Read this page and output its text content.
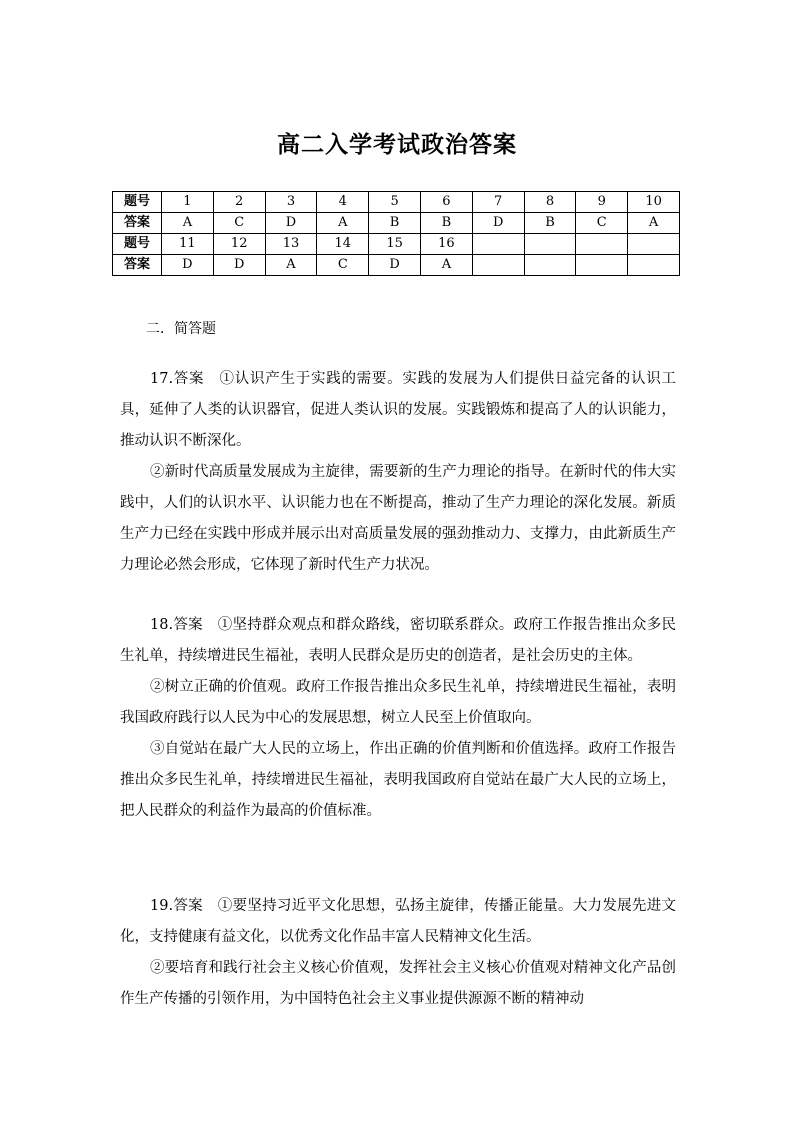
高二入学考试政治答案
题号	1	2	3	4	5	6	7	8	9	10
答案	A	C	D	A	B	B	D	B	C	A
题号	11	12	13	14	15	16				
答案	D	D	A	C	D	A				
二．简答题

17.答案　①认识产生于实践的需要。实践的发展为人们提供日益完备的认识工具，延伸了人类的认识器官，促进人类认识的发展。实践锻炼和提高了人的认识能力，推动认识不断深化。

②新时代高质量发展成为主旋律，需要新的生产力理论的指导。在新时代的伟大实践中，人们的认识水平、认识能力也在不断提高，推动了生产力理论的深化发展。新质生产力已经在实践中形成并展示出对高质量发展的强劲推动力、支撑力，由此新质生产力理论必然会形成，它体现了新时代生产力状况。

18.答案　①坚持群众观点和群众路线，密切联系群众。政府工作报告推出众多民生礼单，持续增进民生福祉，表明人民群众是历史的创造者，是社会历史的主体。

②树立正确的价值观。政府工作报告推出众多民生礼单，持续增进民生福祉，表明我国政府践行以人民为中心的发展思想，树立人民至上价值取向。

③自觉站在最广大人民的立场上，作出正确的价值判断和价值选择。政府工作报告推出众多民生礼单，持续增进民生福祉，表明我国政府自觉站在最广大人民的立场上，把人民群众的利益作为最高的价值标准。

19.答案　①要坚持习近平文化思想，弘扬主旋律，传播正能量。大力发展先进文化，支持健康有益文化，以优秀文化作品丰富人民精神文化生活。

②要培育和践行社会主义核心价值观，发挥社会主义核心价值观对精神文化产品创作生产传播的引领作用，为中国特色社会主义事业提供源源不断的精神动
